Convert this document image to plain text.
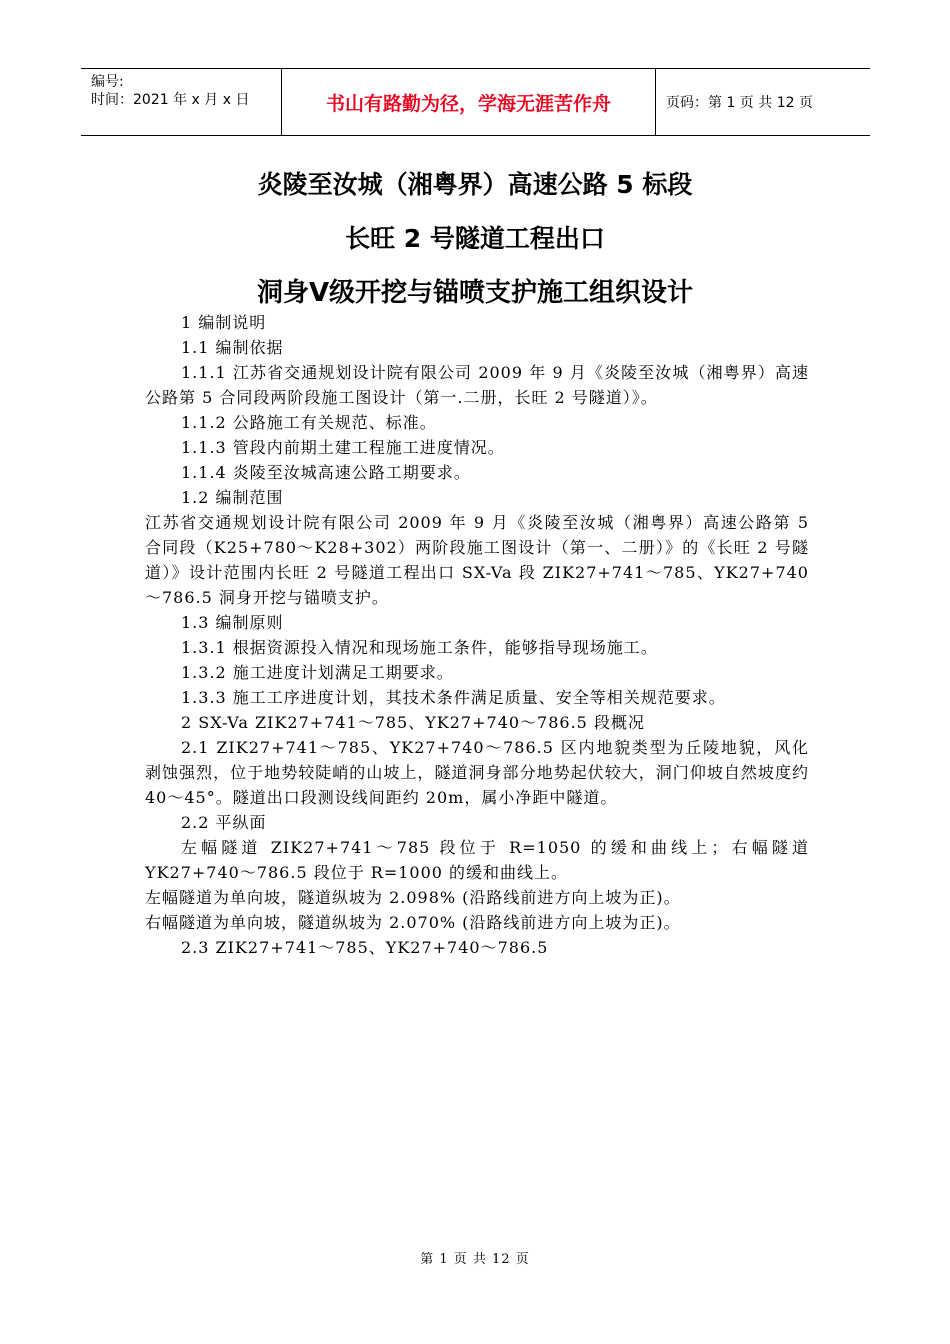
编号:
时间：2021 年 x 月 x 日	书山有路勤为径，学海无涯苦作舟	页码：第 1 页 共 12 页
炎陵至汝城（湘粤界）高速公路 5 标段
长旺 2 号隧道工程出口
洞身Ⅴ级开挖与锚喷支护施工组织设计

1 编制说明

1.1 编制依据

1.1.1 江苏省交通规划设计院有限公司 2009 年 9 月《炎陵至汝城（湘粤界）高速公路第 5 合同段两阶段施工图设计（第一.二册，长旺 2 号隧道）》。

1.1.2 公路施工有关规范、标准。

1.1.3 管段内前期土建工程施工进度情况。

1.1.4 炎陵至汝城高速公路工期要求。

1.2 编制范围

江苏省交通规划设计院有限公司 2009 年 9 月《炎陵至汝城（湘粤界）高速公路第 5 合同段（K25+780～K28+302）两阶段施工图设计（第一、二册）》的《长旺 2 号隧道）》设计范围内长旺 2 号隧道工程出口 SX-Va 段 ZIK27+741～785、YK27+740～786.5 洞身开挖与锚喷支护。

1.3 编制原则

1.3.1 根据资源投入情况和现场施工条件，能够指导现场施工。

1.3.2 施工进度计划满足工期要求。

1.3.3 施工工序进度计划，其技术条件满足质量、安全等相关规范要求。

2 SX-Va ZIK27+741～785、YK27+740～786.5 段概况

2.1 ZIK27+741～785、YK27+740～786.5 区内地貌类型为丘陵地貌，风化剥蚀强烈，位于地势较陡峭的山坡上，隧道洞身部分地势起伏较大，洞门仰坡自然坡度约 40～45°。隧道出口段测设线间距约 20m，属小净距中隧道。

2.2 平纵面

左幅隧道 ZIK27+741～785 段位于 R=1050 的缓和曲线上；右幅隧道 YK27+740～786.5 段位于 R=1000 的缓和曲线上。

左幅隧道为单向坡，隧道纵坡为 2.098% (沿路线前进方向上坡为正)。

右幅隧道为单向坡，隧道纵坡为 2.070% (沿路线前进方向上坡为正)。

2.3 ZIK27+741～785、YK27+740～786.5

第 1 页 共 12 页
